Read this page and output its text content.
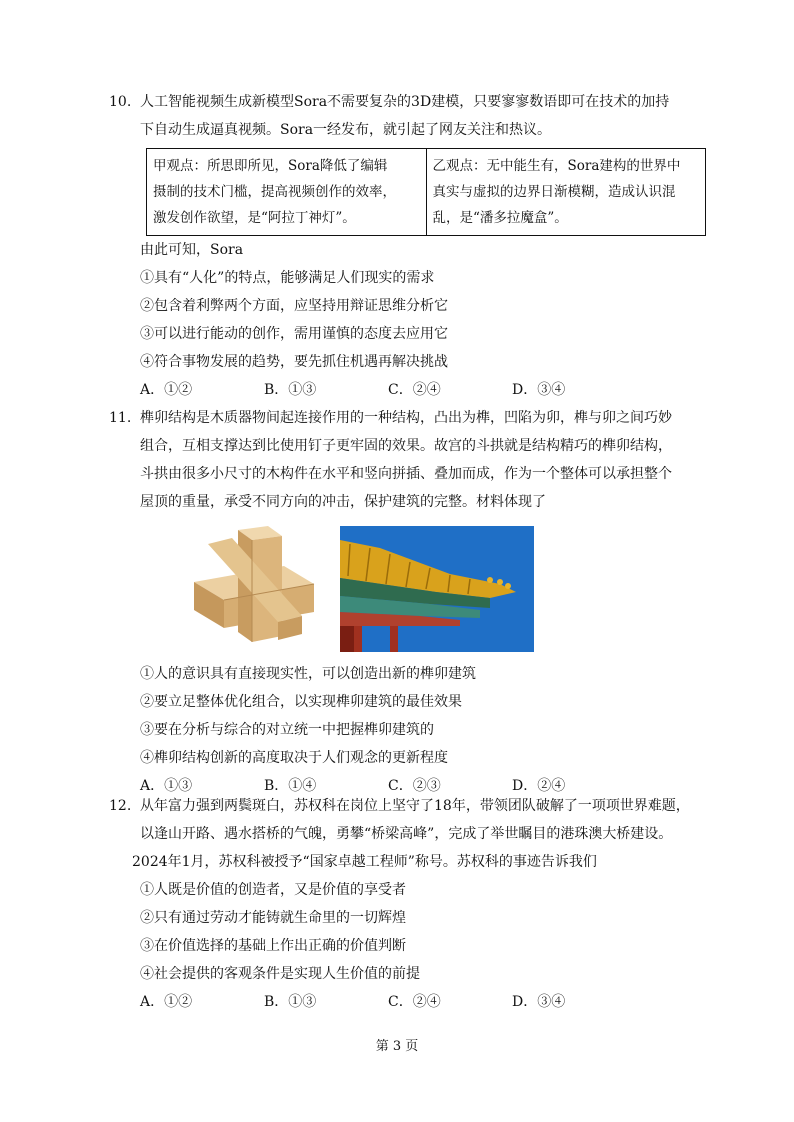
10. 人工智能视频生成新模型Sora不需要复杂的3D建模，只要寥寥数语即可在技术的加持
下自动生成逼真视频。Sora一经发布，就引起了网友关注和热议。

甲观点：所思即所见，Sora降低了编辑
摄制的技术门槛，提高视频创作的效率，
激发创作欲望，是“阿拉丁神灯”。

乙观点：无中能生有，Sora建构的世界中
真实与虚拟的边界日渐模糊，造成认识混
乱，是“潘多拉魔盒”。

由此可知，Sora

①具有“人化”的特点，能够满足人们现实的需求

②包含着利弊两个方面，应坚持用辩证思维分析它

③可以进行能动的创作，需用谨慎的态度去应用它

④符合事物发展的趋势，要先抓住机遇再解决挑战

A．①②	B．①③	C．②④	D．③④

11. 榫卯结构是木质器物间起连接作用的一种结构，凸出为榫，凹陷为卯，榫与卯之间巧妙
组合，互相支撑达到比使用钉子更牢固的效果。故宫的斗拱就是结构精巧的榫卯结构，
斗拱由很多小尺寸的木构件在水平和竖向拼插、叠加而成，作为一个整体可以承担整个
屋顶的重量，承受不同方向的冲击，保护建筑的完整。材料体现了

①人的意识具有直接现实性，可以创造出新的榫卯建筑

②要立足整体优化组合，以实现榫卯建筑的最佳效果

③要在分析与综合的对立统一中把握榫卯建筑的

④榫卯结构创新的高度取决于人们观念的更新程度

A．①③	B．①④	C．②③	D．②④

12. 从年富力强到两鬓斑白，苏权科在岗位上坚守了18年，带领团队破解了一项项世界难题，
以逢山开路、遇水搭桥的气魄，勇攀“桥梁高峰”，完成了举世瞩目的港珠澳大桥建设。
2024年1月，苏权科被授予“国家卓越工程师”称号。苏权科的事迹告诉我们

①人既是价值的创造者，又是价值的享受者

②只有通过劳动才能铸就生命里的一切辉煌

③在价值选择的基础上作出正确的价值判断

④社会提供的客观条件是实现人生价值的前提

A．①②	B．①③	C．②④	D．③④
第 3 页
